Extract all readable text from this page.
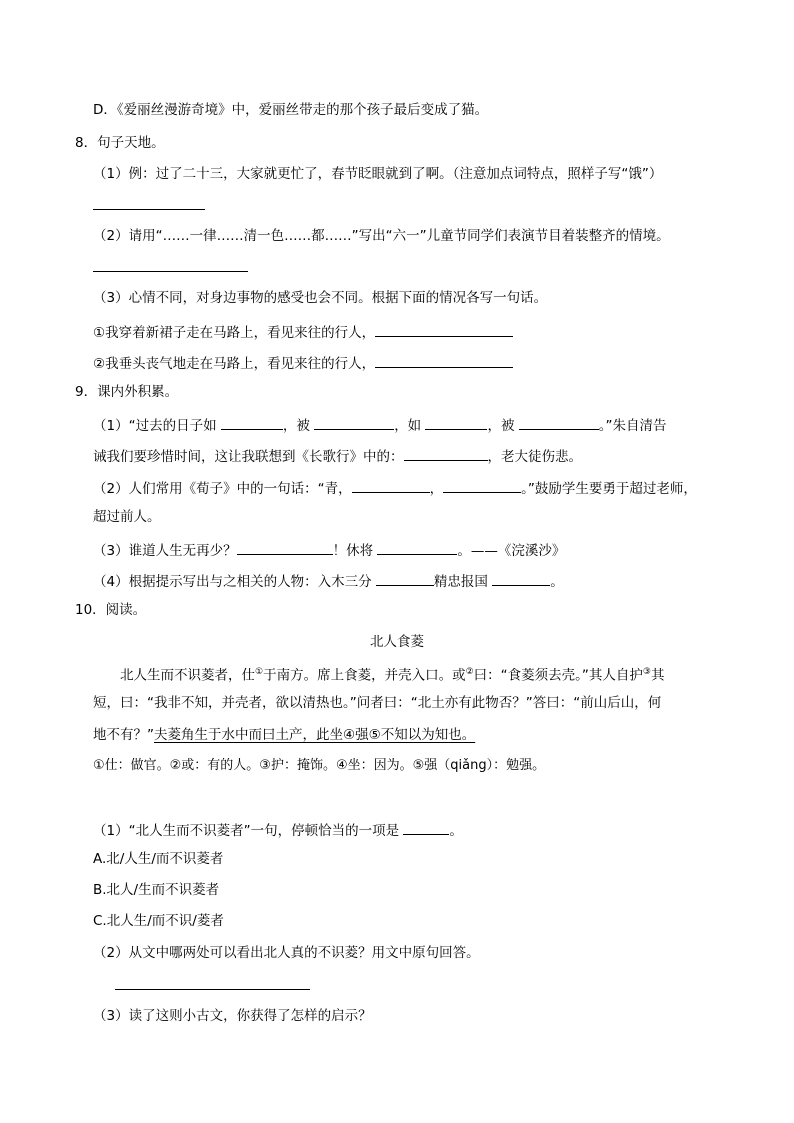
D．《爱丽丝漫游奇境》中，爱丽丝带走的那个孩子最后变成了猫。
8．句子天地。
（1）例：过了二十三，大家就更忙了，春节眨眼就到了啊。（注意加点词特点，照样子写“饿”）
（2）请用“……一律……清一色……都……”写出“六一”儿童节同学们表演节目着装整齐的情境。
（3）心情不同，对身边事物的感受也会不同。根据下面的情况各写一句话。
①我穿着新裙子走在马路上，看见来往的行人，
②我垂头丧气地走在马路上，看见来往的行人，
9．课内外积累。
（1）“过去的日子如	，被	，如	，被	。”朱自清告
诫我们要珍惜时间，这让我联想到《长歌行》中的：	，老大徒伤悲。
（2）人们常用《荀子》中的一句话：“青，	，	。”鼓励学生要勇于超过老师，
超过前人。
（3）谁道人生无再少？	！休将	。——《浣溪沙》
（4）根据提示写出与之相关的人物：入木三分	精忠报国	。
10．阅读。
北人食菱
北人生而不识菱者，仕①于南方。席上食菱，并壳入口。或②曰：“食菱须去壳。”其人自护③其
短，曰：“我非不知，并壳者，欲以清热也。”问者曰：“北土亦有此物否？”答曰：“前山后山，何
地不有？”夫菱角生于水中而曰土产，此坐④强⑤不知以为知也。
①仕：做官。②或：有的人。③护：掩饰。④坐：因为。⑤强（qiǎng）：勉强。
（1）“北人生而不识菱者”一句，停顿恰当的一项是	。
A.北/人生/而不识菱者
B.北人/生而不识菱者
C.北人生/而不识/菱者
（2）从文中哪两处可以看出北人真的不识菱？用文中原句回答。
（3）读了这则小古文，你获得了怎样的启示？
